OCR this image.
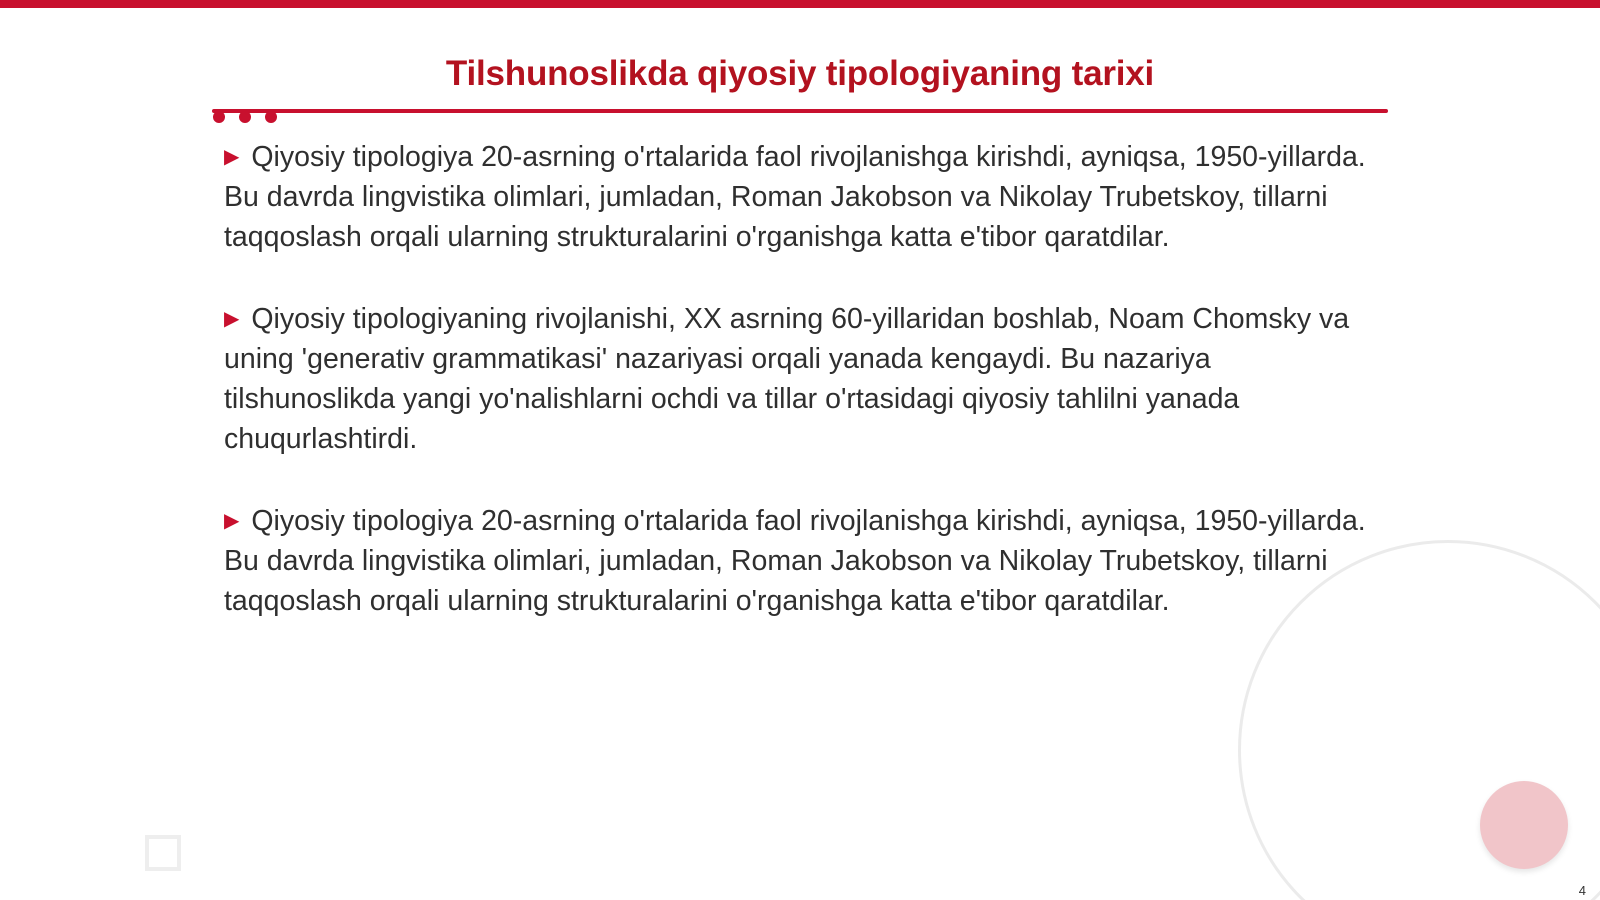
Tilshunoslikda qiyosiy tipologiyaning tarixi
▶ Qiyosiy tipologiya 20-asrning o'rtalarida faol rivojlanishga kirishdi, ayniqsa, 1950-yillarda. Bu davrda lingvistika olimlari, jumladan, Roman Jakobson va Nikolay Trubetskoy, tillarni taqqoslash orqali ularning strukturalarini o'rganishga katta e'tibor qaratdilar.
▶ Qiyosiy tipologiyaning rivojlanishi, XX asrning 60-yillaridan boshlab, Noam Chomsky va uning 'generativ grammatikasi' nazariyasi orqali yanada kengaydi. Bu nazariya tilshunoslikda yangi yo'nalishlarni ochdi va tillar o'rtasidagi qiyosiy tahlilni yanada chuqurlashtirdi.
▶ Qiyosiy tipologiya 20-asrning o'rtalarida faol rivojlanishga kirishdi, ayniqsa, 1950-yillarda. Bu davrda lingvistika olimlari, jumladan, Roman Jakobson va Nikolay Trubetskoy, tillarni taqqoslash orqali ularning strukturalarini o'rganishga katta e'tibor qaratdilar.
4
